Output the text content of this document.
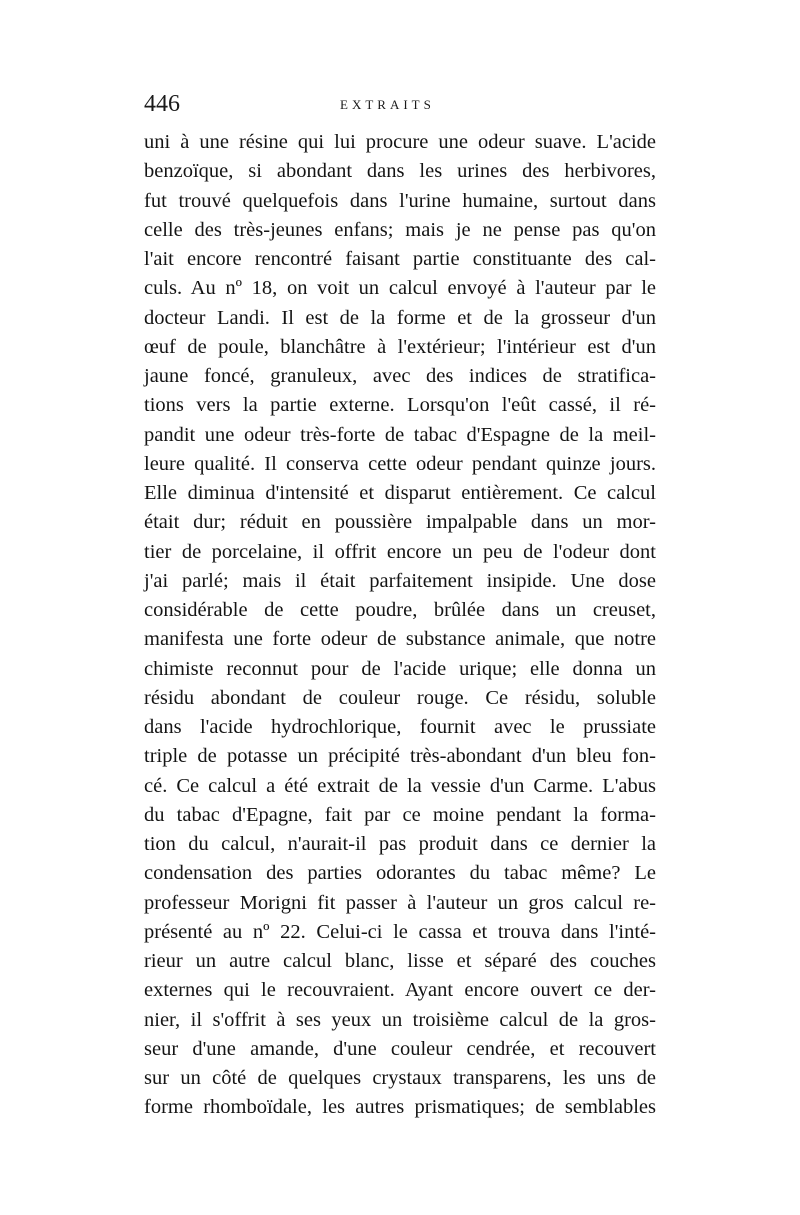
446	EXTRAITS
uni à une résine qui lui procure une odeur suave. L'acide
benzoïque, si abondant dans les urines des herbivores,
fut trouvé quelquefois dans l'urine humaine, surtout dans
celle des très-jeunes enfans; mais je ne pense pas qu'on
l'ait encore rencontré faisant partie constituante des cal-
culs. Au nº 18, on voit un calcul envoyé à l'auteur par le
docteur Landi. Il est de la forme et de la grosseur d'un
œuf de poule, blanchâtre à l'extérieur; l'intérieur est d'un
jaune foncé, granuleux, avec des indices de stratifica-
tions vers la partie externe. Lorsqu'on l'eût cassé, il ré-
pandit une odeur très-forte de tabac d'Espagne de la meil-
leure qualité. Il conserva cette odeur pendant quinze jours.
Elle diminua d'intensité et disparut entièrement. Ce calcul
était dur; réduit en poussière impalpable dans un mor-
tier de porcelaine, il offrit encore un peu de l'odeur dont
j'ai parlé; mais il était parfaitement insipide. Une dose
considérable de cette poudre, brûlée dans un creuset,
manifesta une forte odeur de substance animale, que notre
chimiste reconnut pour de l'acide urique; elle donna un
résidu abondant de couleur rouge. Ce résidu, soluble
dans l'acide hydrochlorique, fournit avec le prussiate
triple de potasse un précipité très-abondant d'un bleu fon-
cé. Ce calcul a été extrait de la vessie d'un Carme. L'abus
du tabac d'Epagne, fait par ce moine pendant la forma-
tion du calcul, n'aurait-il pas produit dans ce dernier la
condensation des parties odorantes du tabac même? Le
professeur Morigni fit passer à l'auteur un gros calcul re-
présenté au nº 22. Celui-ci le cassa et trouva dans l'inté-
rieur un autre calcul blanc, lisse et séparé des couches
externes qui le recouvraient. Ayant encore ouvert ce der-
nier, il s'offrit à ses yeux un troisième calcul de la gros-
seur d'une amande, d'une couleur cendrée, et recouvert
sur un côté de quelques crystaux transparens, les uns de
forme rhomboïdale, les autres prismatiques; de semblables
